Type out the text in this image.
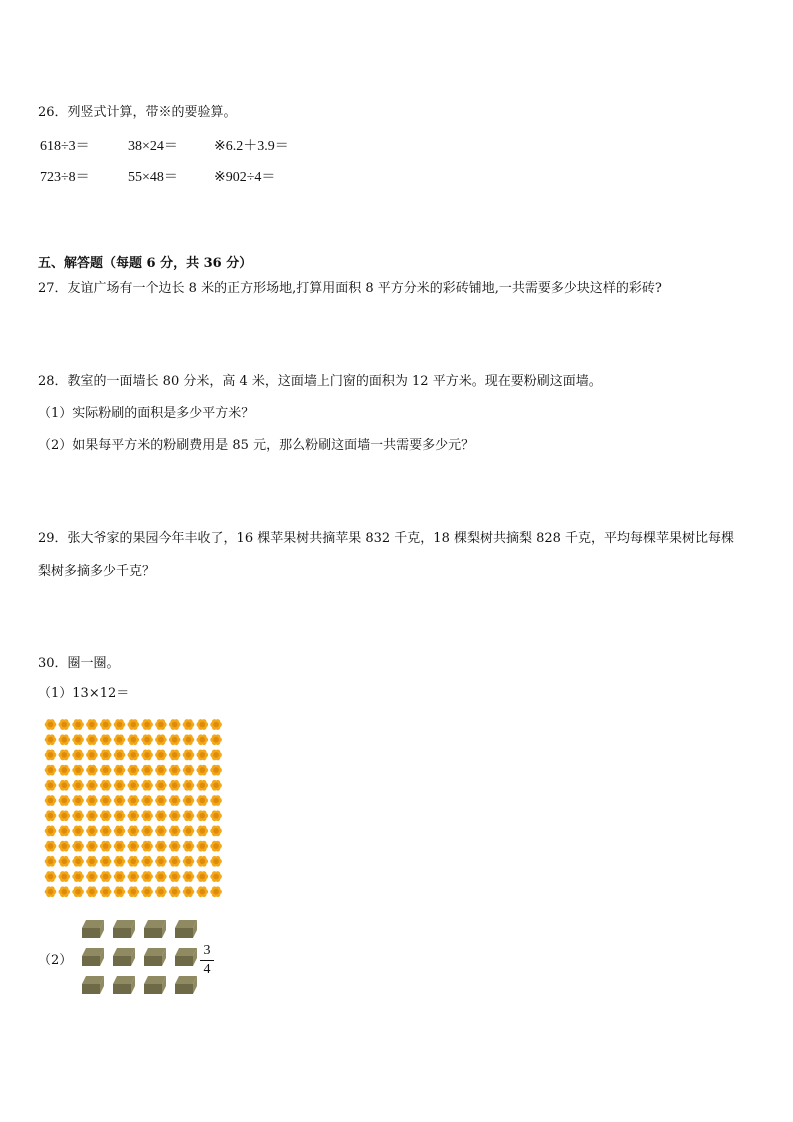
26．列竖式计算，带※的要验算。
618÷3＝	38×24＝	※6.2＋3.9＝
723÷8＝	55×48＝	※902÷4＝
五、解答题（每题 6 分，共 36 分）
27．友谊广场有一个边长 8 米的正方形场地,打算用面积 8 平方分米的彩砖铺地,一共需要多少块这样的彩砖?
28．教室的一面墙长 80 分米，高 4 米，这面墙上门窗的面积为 12 平方米。现在要粉刷这面墙。
（1）实际粉刷的面积是多少平方米？
（2）如果每平方米的粉刷费用是 85 元，那么粉刷这面墙一共需要多少元？
29．张大爷家的果园今年丰收了，16 棵苹果树共摘苹果 832 千克，18 棵梨树共摘梨 828 千克，平均每棵苹果树比每棵
梨树多摘多少千克？
30．圈一圈。
（1）13×12＝
（2）
3
4
